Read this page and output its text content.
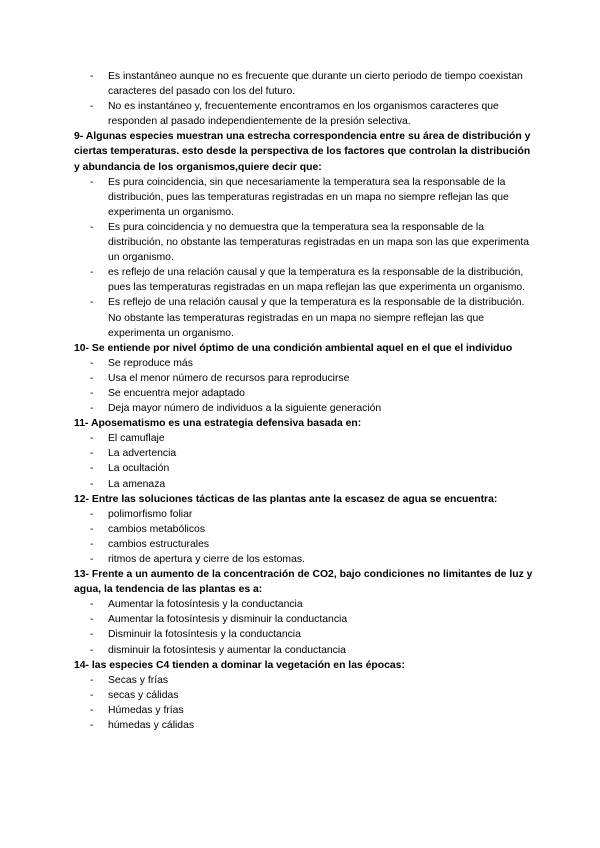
- Es instantáneo aunque no es frecuente que durante un cierto periodo de tiempo coexistan caracteres del pasado con los del futuro.
- No es instantáneo y, frecuentemente encontramos en los organismos caracteres que responden al pasado independientemente de la presión selectiva.

9- Algunas especies muestran una estrecha correspondencia entre su área de distribución y ciertas temperaturas. esto desde la perspectiva de los factores que controlan la distribución y abundancia de los organismos,quiere decir que:

- Es pura coincidencia, sin que necesariamente la temperatura sea la responsable de la distribución, pues las temperaturas registradas en un mapa no siempre reflejan las que experimenta un organismo.
- Es pura coincidencia y no demuestra que la temperatura sea la responsable de la distribución, no obstante las temperaturas registradas en un mapa son las que experimenta un organismo.
- es reflejo de una relación causal y que la temperatura es la responsable de la distribución, pues las temperaturas registradas en un mapa reflejan las que experimenta un organismo.
- Es reflejo de una relación causal y que la temperatura es la responsable de la distribución. No obstante las temperaturas registradas en un mapa no siempre reflejan las que experimenta un organismo.

10- Se entiende por nivel óptimo de una condición ambiental aquel en el que el individuo

- Se reproduce más
- Usa el menor número de recursos para reproducirse
- Se encuentra mejor adaptado
- Deja mayor número de individuos a la siguiente generación

11- Aposematismo es una estrategia defensiva basada en:

- El camuflaje
- La advertencia
- La ocultación
- La amenaza

12- Entre las soluciones tácticas de las plantas ante la escasez de agua se encuentra:

- polimorfismo foliar
- cambios metabólicos
- cambios estructurales
- ritmos de apertura y cierre de los estomas.

13- Frente a un aumento de la concentración de CO2, bajo condiciones no limitantes de luz y agua, la tendencia de las plantas es a:

- Aumentar la fotosíntesis y la conductancia
- Aumentar la fotosíntesis y disminuir la conductancia
- Disminuir la fotosíntesis y la conductancia
- disminuir la fotosíntesis y aumentar la conductancia

14- las especies C4 tienden a dominar la vegetación en las épocas:

- Secas y frías
- secas y cálidas
- Húmedas y frías
- húmedas y cálidas
